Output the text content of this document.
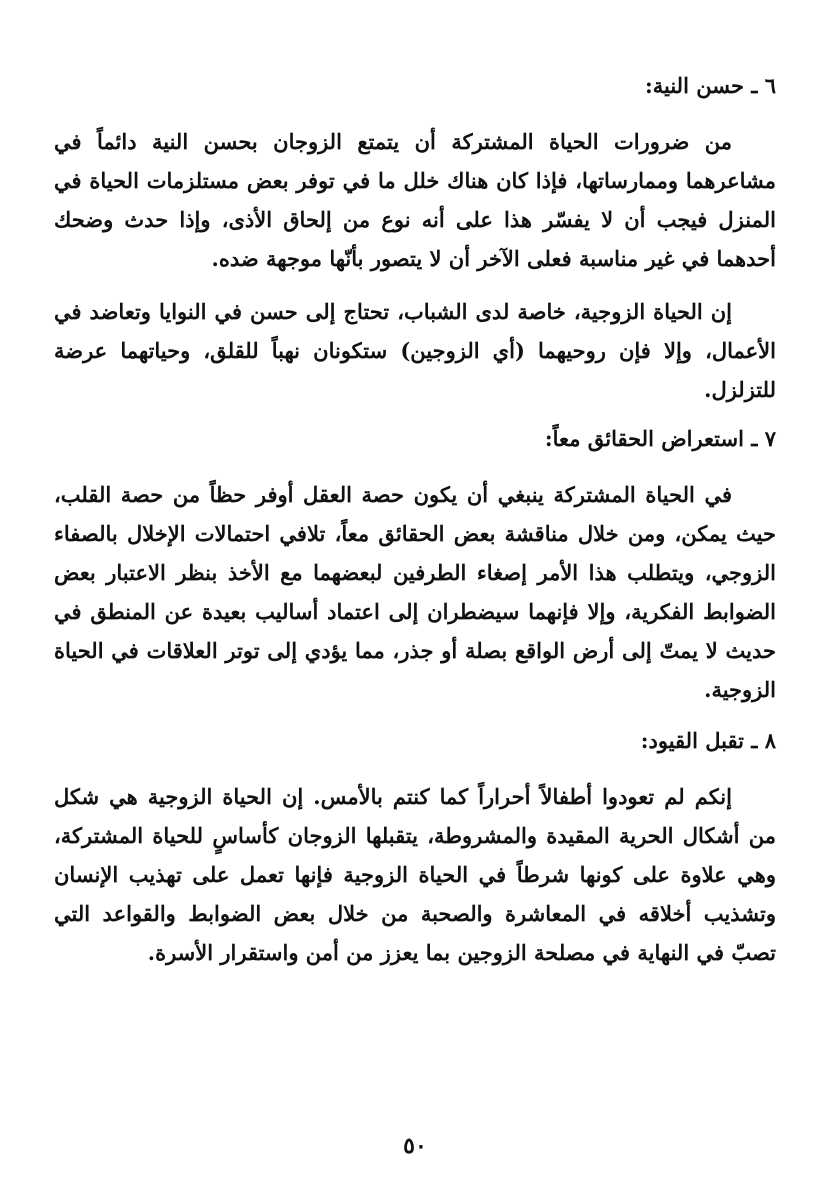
٦ ـ حسن النية:

من ضرورات الحياة المشتركة أن يتمتع الزوجان بحسن النية دائماً في مشاعرهما وممارساتها، فإذا كان هناك خلل ما في توفر بعض مستلزمات الحياة في المنزل فيجب أن لا يفسّر هذا على أنه نوع من إلحاق الأذى، وإذا حدث وضحك أحدهما في غير مناسبة فعلى الآخر أن لا يتصور بأنّها موجهة ضده.

إن الحياة الزوجية، خاصة لدى الشباب، تحتاج إلى حسن في النوايا وتعاضد في الأعمال، وإلا فإن روحيهما (أي الزوجين) ستكونان نهباً للقلق، وحياتهما عرضة للتزلزل.

٧ ـ استعراض الحقائق معاً:

في الحياة المشتركة ينبغي أن يكون حصة العقل أوفر حظاً من حصة القلب، حيث يمكن، ومن خلال مناقشة بعض الحقائق معاً، تلافي احتمالات الإخلال بالصفاء الزوجي، ويتطلب هذا الأمر إصغاء الطرفين لبعضهما مع الأخذ بنظر الاعتبار بعض الضوابط الفكرية، وإلا فإنهما سيضطران إلى اعتماد أساليب بعيدة عن المنطق في حديث لا يمتّ إلى أرض الواقع بصلة أو جذر، مما يؤدي إلى توتر العلاقات في الحياة الزوجية.

٨ ـ تقبل القيود:

إنكم لم تعودوا أطفالاً أحراراً كما كنتم بالأمس. إن الحياة الزوجية هي شكل من أشكال الحرية المقيدة والمشروطة، يتقبلها الزوجان كأساسٍ للحياة المشتركة، وهي علاوة على كونها شرطاً في الحياة الزوجية فإنها تعمل على تهذيب الإنسان وتشذيب أخلاقه في المعاشرة والصحبة من خلال بعض الضوابط والقواعد التي تصبّ في النهاية في مصلحة الزوجين بما يعزز من أمن واستقرار الأسرة.

٥٠
